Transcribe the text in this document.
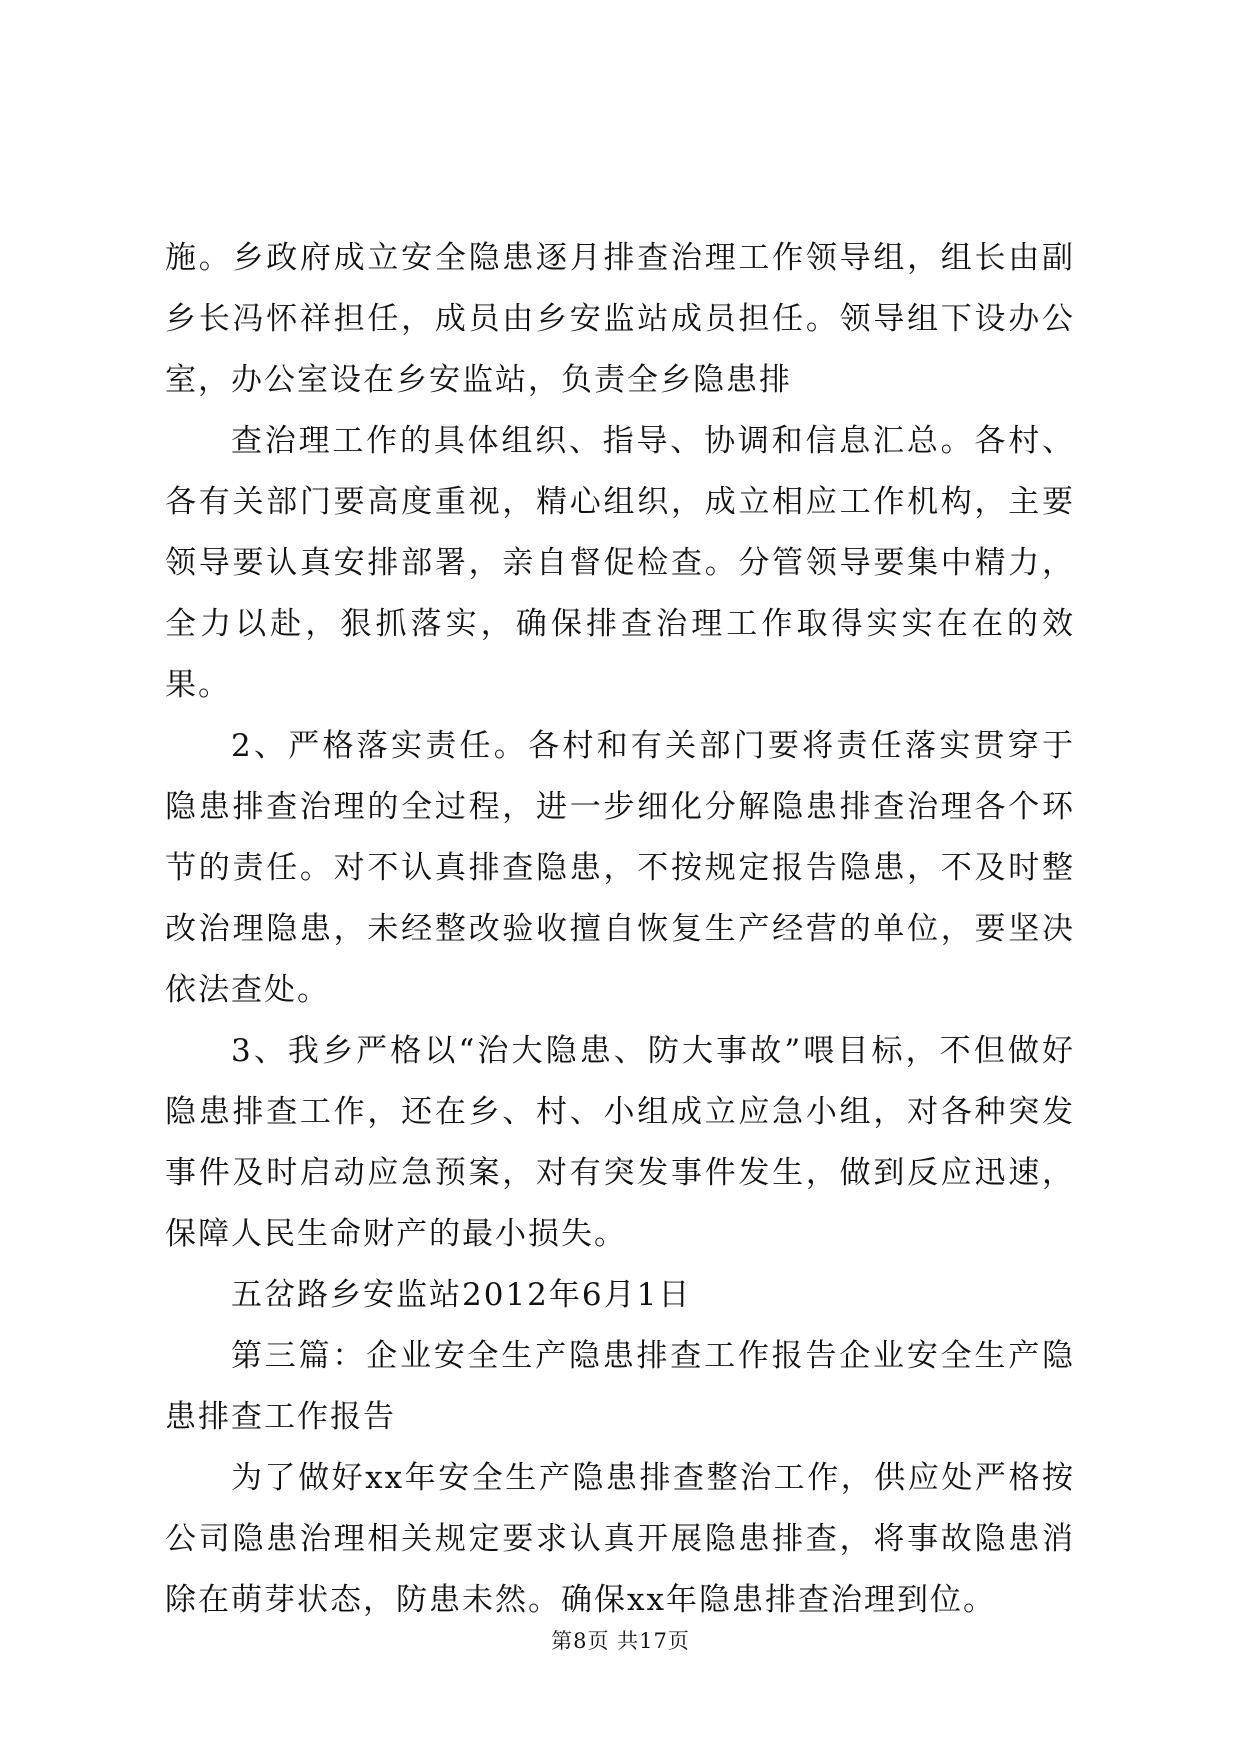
施。乡政府成立安全隐患逐月排查治理工作领导组，组长由副乡长冯怀祥担任，成员由乡安监站成员担任。领导组下设办公室，办公室设在乡安监站，负责全乡隐患排

查治理工作的具体组织、指导、协调和信息汇总。各村、各有关部门要高度重视，精心组织，成立相应工作机构，主要领导要认真安排部署，亲自督促检查。分管领导要集中精力，全力以赴，狠抓落实，确保排查治理工作取得实实在在的效果。

2、严格落实责任。各村和有关部门要将责任落实贯穿于隐患排查治理的全过程，进一步细化分解隐患排查治理各个环节的责任。对不认真排查隐患，不按规定报告隐患，不及时整改治理隐患，未经整改验收擅自恢复生产经营的单位，要坚决依法查处。

3、我乡严格以“治大隐患、防大事故”喂目标，不但做好隐患排查工作，还在乡、村、小组成立应急小组，对各种突发事件及时启动应急预案，对有突发事件发生，做到反应迅速，保障人民生命财产的最小损失。

五岔路乡安监站2012年6月1日

第三篇：企业安全生产隐患排查工作报告企业安全生产隐患排查工作报告

为了做好xx年安全生产隐患排查整治工作，供应处严格按公司隐患治理相关规定要求认真开展隐患排查，将事故隐患消除在萌芽状态，防患未然。确保xx年隐患排查治理到位。

第8页 共17页
